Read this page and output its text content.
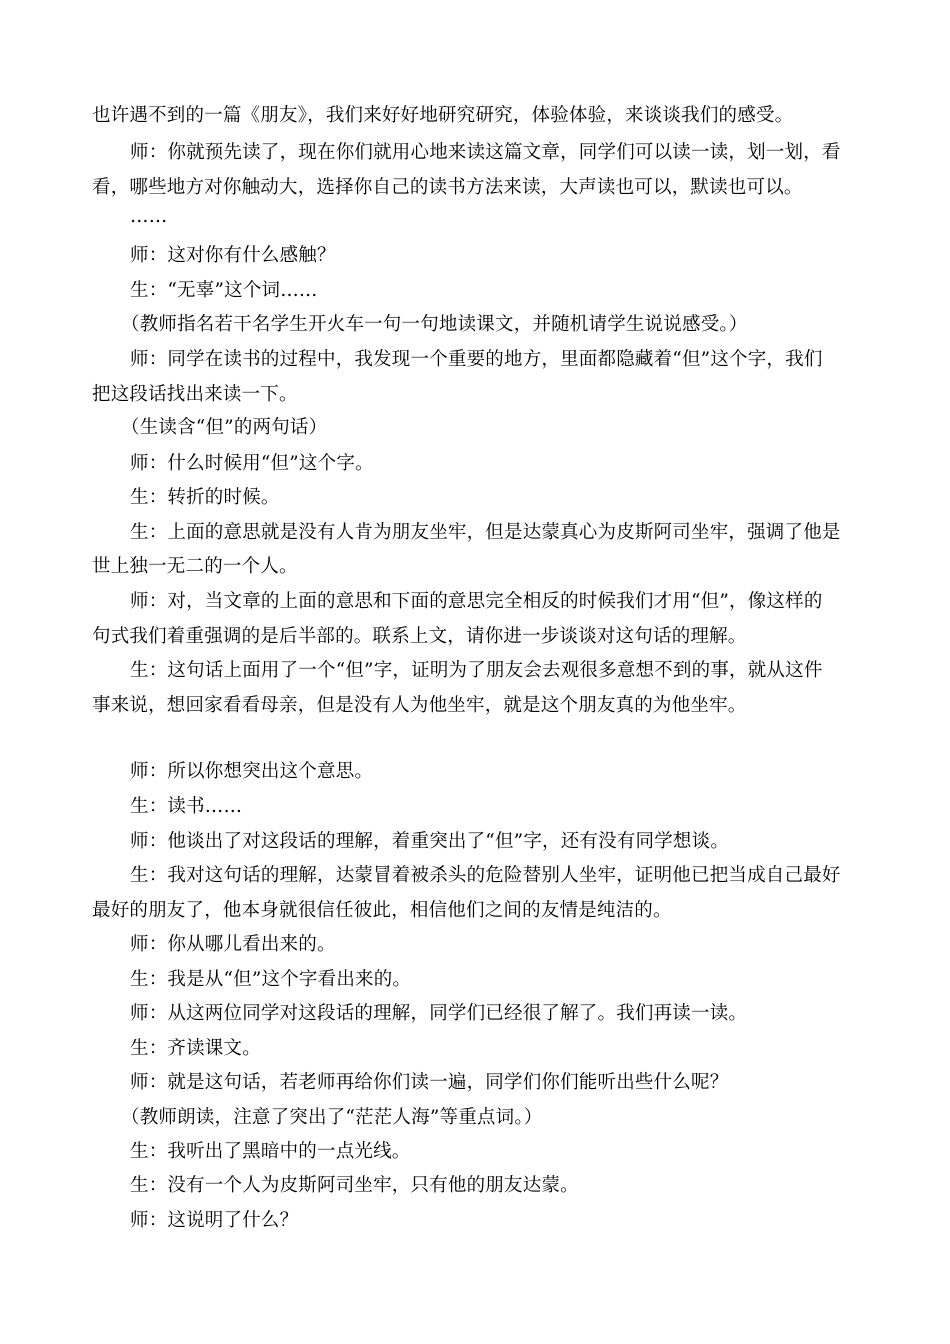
也许遇不到的一篇《朋友》，我们来好好地研究研究，体验体验，来谈谈我们的感受。
师：你就预先读了，现在你们就用心地来读这篇文章，同学们可以读一读，划一划，看
看，哪些地方对你触动大，选择你自己的读书方法来读，大声读也可以，默读也可以。
……
师：这对你有什么感触？
生：“无辜”这个词……
（教师指名若干名学生开火车一句一句地读课文，并随机请学生说说感受。）
师：同学在读书的过程中，我发现一个重要的地方，里面都隐藏着“但”这个字，我们
把这段话找出来读一下。
（生读含“但”的两句话）
师：什么时候用“但”这个字。
生：转折的时候。
生：上面的意思就是没有人肯为朋友坐牢，但是达蒙真心为皮斯阿司坐牢，强调了他是
世上独一无二的一个人。
师：对，当文章的上面的意思和下面的意思完全相反的时候我们才用“但”，像这样的
句式我们着重强调的是后半部的。联系上文，请你进一步谈谈对这句话的理解。
生：这句话上面用了一个“但”字，证明为了朋友会去观很多意想不到的事，就从这件
事来说，想回家看看母亲，但是没有人为他坐牢，就是这个朋友真的为他坐牢。
师：所以你想突出这个意思。
生：读书……
师：他谈出了对这段话的理解，着重突出了“但”字，还有没有同学想谈。
生：我对这句话的理解，达蒙冒着被杀头的危险替别人坐牢，证明他已把当成自己最好
最好的朋友了，他本身就很信任彼此，相信他们之间的友情是纯洁的。
师：你从哪儿看出来的。
生：我是从“但”这个字看出来的。
师：从这两位同学对这段话的理解，同学们已经很了解了。我们再读一读。
生：齐读课文。
师：就是这句话，若老师再给你们读一遍，同学们你们能听出些什么呢？
（教师朗读，注意了突出了“茫茫人海”等重点词。）
生：我听出了黑暗中的一点光线。
生：没有一个人为皮斯阿司坐牢，只有他的朋友达蒙。
师：这说明了什么？
